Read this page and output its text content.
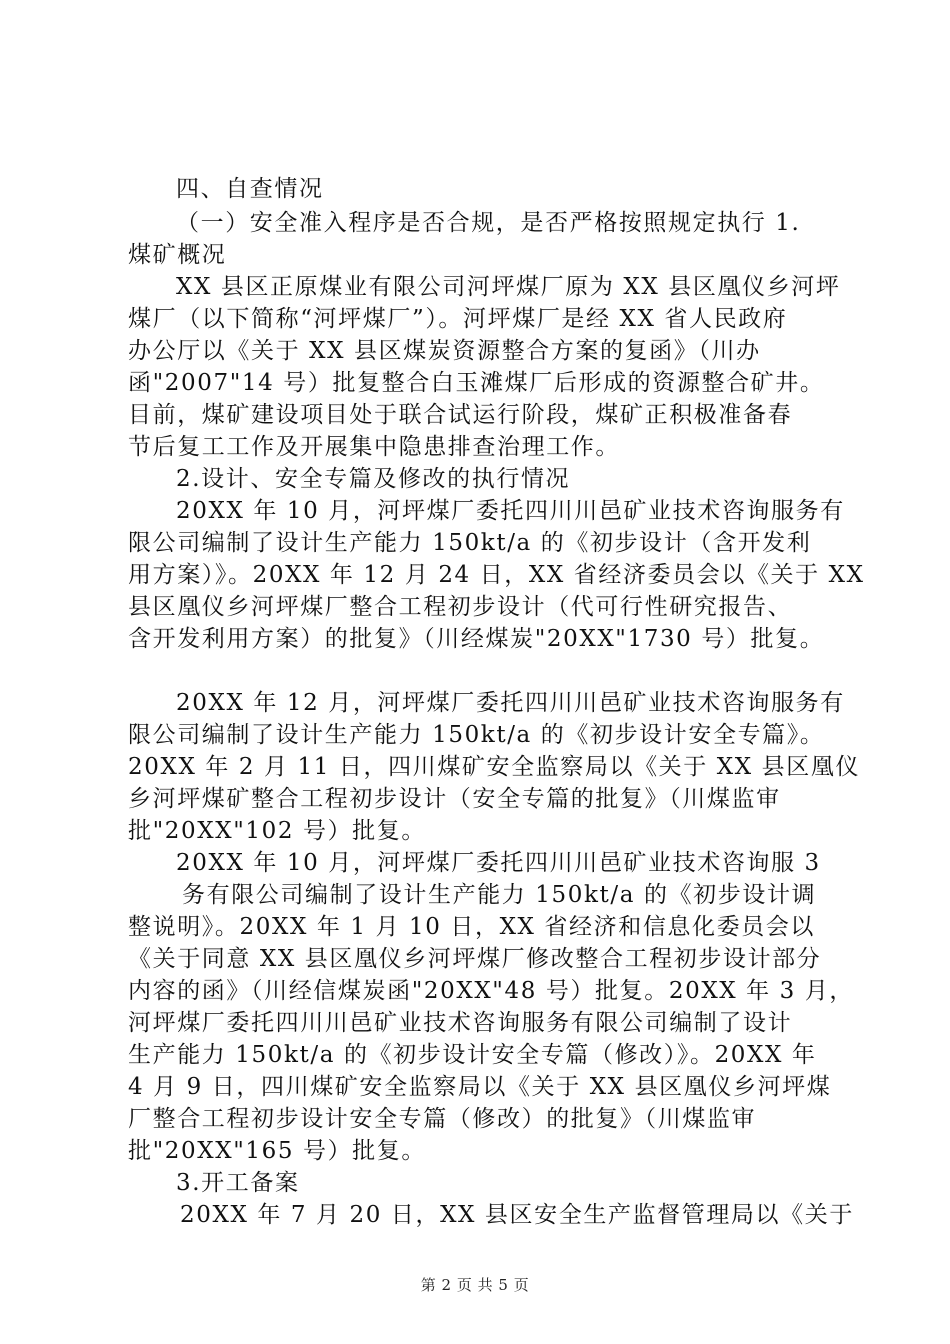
四、自查情况
（一）安全准入程序是否合规，是否严格按照规定执行 1.
煤矿概况
XX 县区正原煤业有限公司河坪煤厂原为 XX 县区凰仪乡河坪
煤厂（以下简称“河坪煤厂”）。河坪煤厂是经 XX 省人民政府
办公厅以《关于 XX 县区煤炭资源整合方案的复函》（川办
函"2007"14 号）批复整合白玉滩煤厂后形成的资源整合矿井。
目前，煤矿建设项目处于联合试运行阶段，煤矿正积极准备春
节后复工工作及开展集中隐患排查治理工作。
2.设计、安全专篇及修改的执行情况
20XX 年 10 月，河坪煤厂委托四川川邑矿业技术咨询服务有
限公司编制了设计生产能力 150kt/a 的《初步设计（含开发利
用方案）》。20XX 年 12 月 24 日，XX 省经济委员会以《关于 XX
县区凰仪乡河坪煤厂整合工程初步设计（代可行性研究报告、
含开发利用方案）的批复》（川经煤炭"20XX"1730 号）批复。
20XX 年 12 月，河坪煤厂委托四川川邑矿业技术咨询服务有
限公司编制了设计生产能力 150kt/a 的《初步设计安全专篇》。
20XX 年 2 月 11 日，四川煤矿安全监察局以《关于 XX 县区凰仪
乡河坪煤矿整合工程初步设计（安全专篇的批复》（川煤监审
批"20XX"102 号）批复。
20XX 年 10 月，河坪煤厂委托四川川邑矿业技术咨询服 3
务有限公司编制了设计生产能力 150kt/a 的《初步设计调
整说明》。20XX 年 1 月 10 日，XX 省经济和信息化委员会以
《关于同意 XX 县区凰仪乡河坪煤厂修改整合工程初步设计部分
内容的函》（川经信煤炭函"20XX"48 号）批复。20XX 年 3 月，
河坪煤厂委托四川川邑矿业技术咨询服务有限公司编制了设计
生产能力 150kt/a 的《初步设计安全专篇（修改）》。20XX 年
4 月 9 日，四川煤矿安全监察局以《关于 XX 县区凰仪乡河坪煤
厂整合工程初步设计安全专篇（修改）的批复》（川煤监审
批"20XX"165 号）批复。
3.开工备案
20XX 年 7 月 20 日，XX 县区安全生产监督管理局以《关于
第 2 页 共 5 页
